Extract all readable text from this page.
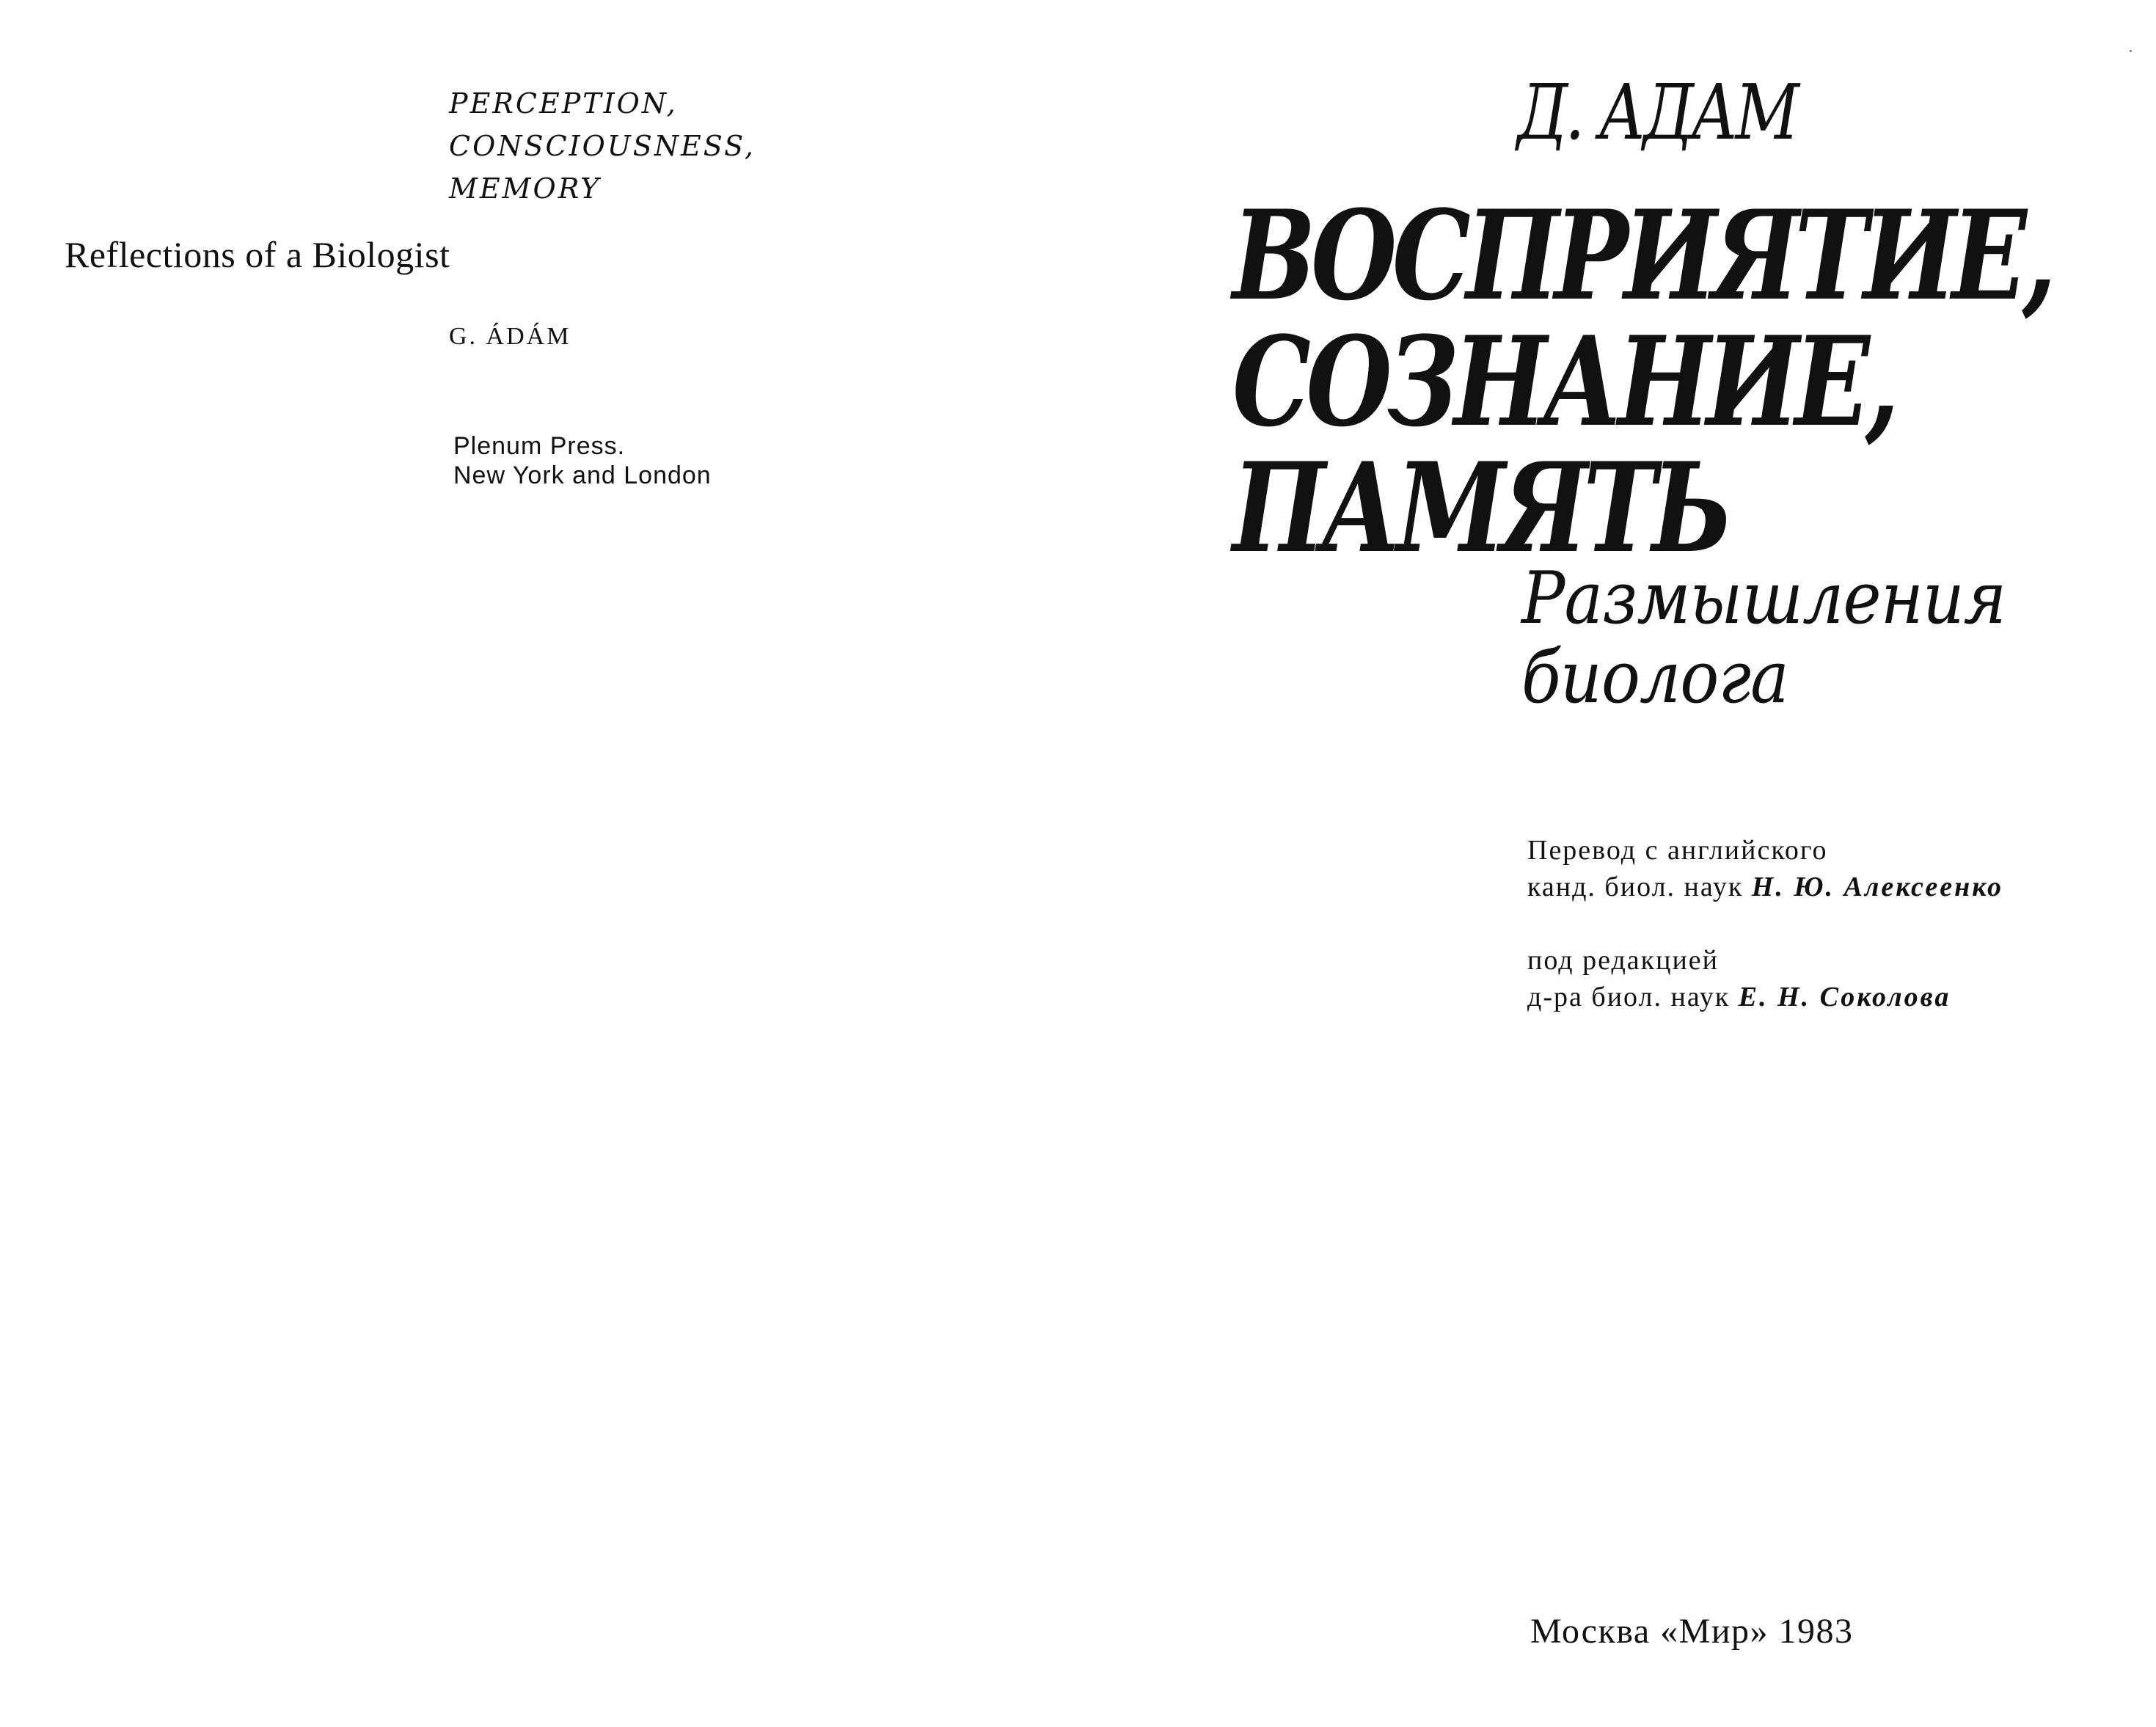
PERCEPTION,
CONSCIOUSNESS,
MEMORY
Reflections of a Biologist
G. ÁDÁM
Plenum Press.
New York and London
Д. АДАМ
ВОСПРИЯТИЕ,
СОЗНАНИЕ,
ПАМЯТЬ
Размышления
биолога
Перевод с английского
канд. биол. наук Н. Ю. Алексеенко
под редакцией
д-ра биол. наук Е. Н. Соколова
Москва «Мир» 1983
